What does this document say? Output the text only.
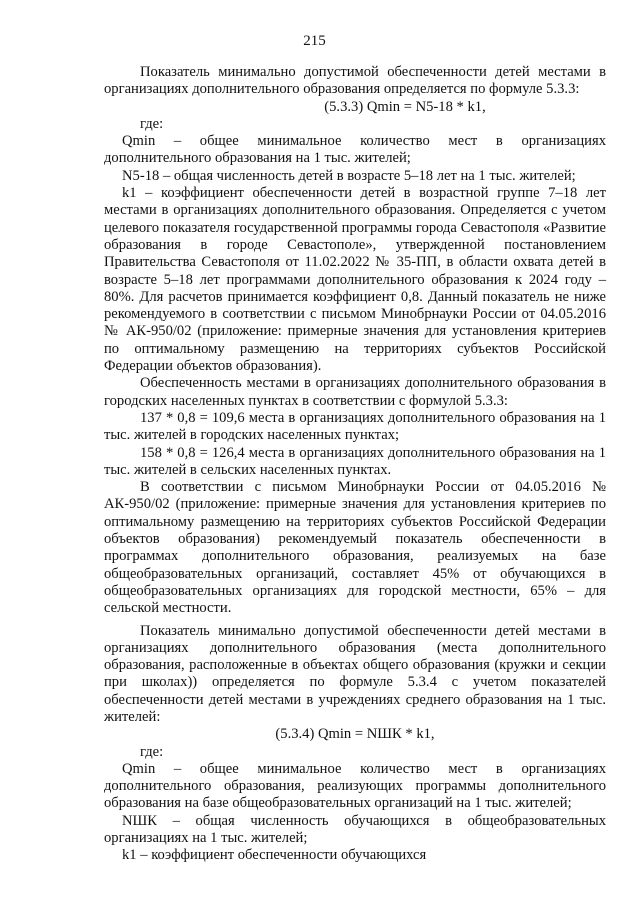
215

Показатель минимально допустимой обеспеченности детей местами в организациях дополнительного образования определяется по формуле 5.3.3:

(5.3.3) Qmin = N5-18 * k1,

где:

Qmin – общее минимальное количество мест в организациях дополнительного образования на 1 тыс. жителей;

N5-18 – общая численность детей в возрасте 5–18 лет на 1 тыс. жителей;

k1 – коэффициент обеспеченности детей в возрастной группе 7–18 лет местами в организациях дополнительного образования. Определяется с учетом целевого показателя государственной программы города Севастополя «Развитие образования в городе Севастополе», утвержденной постановлением Правительства Севастополя от 11.02.2022 № 35-ПП, в области охвата детей в возрасте 5–18 лет программами дополнительного образования к 2024 году – 80%. Для расчетов принимается коэффициент 0,8. Данный показатель не ниже рекомендуемого в соответствии с письмом Минобрнауки России от 04.05.2016 № АК-950/02 (приложение: примерные значения для установления критериев по оптимальному размещению на территориях субъектов Российской Федерации объектов образования).

Обеспеченность местами в организациях дополнительного образования в городских населенных пунктах в соответствии с формулой 5.3.3:

137 * 0,8 = 109,6 места в организациях дополнительного образования на 1 тыс. жителей в городских населенных пунктах;

158 * 0,8 = 126,4 места в организациях дополнительного образования на 1 тыс. жителей в сельских населенных пунктах.

В соответствии с письмом Минобрнауки России от 04.05.2016 № АК-950/02 (приложение: примерные значения для установления критериев по оптимальному размещению на территориях субъектов Российской Федерации объектов образования) рекомендуемый показатель обеспеченности в программах дополнительного образования, реализуемых на базе общеобразовательных организаций, составляет 45% от обучающихся в общеобразовательных организациях для городской местности, 65% – для сельской местности.

Показатель минимально допустимой обеспеченности детей местами в организациях дополнительного образования (места дополнительного образования, расположенные в объектах общего образования (кружки и секции при школах)) определяется по формуле 5.3.4 с учетом показателей обеспеченности детей местами в учреждениях среднего образования на 1 тыс. жителей:

(5.3.4) Qmin = NШК * k1,

где:

Qmin – общее минимальное количество мест в организациях дополнительного образования, реализующих программы дополнительного образования на базе общеобразовательных организаций на 1 тыс. жителей;

NШК – общая численность обучающихся в общеобразовательных организациях на 1 тыс. жителей;

k1 – коэффициент обеспеченности обучающихся
